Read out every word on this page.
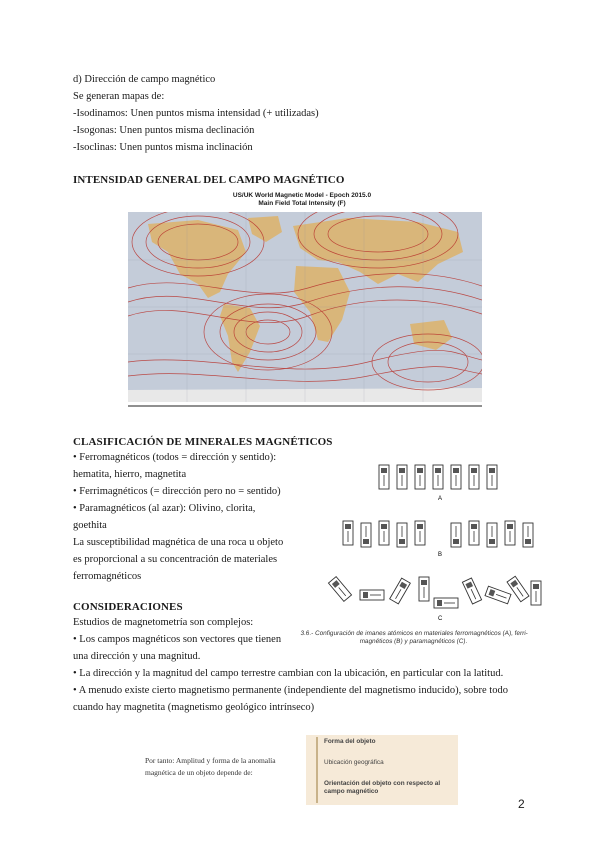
d) Dirección de campo magnético
Se generan mapas de:
-Isodinamos: Unen puntos misma intensidad (+ utilizadas)
-Isogonas: Unen puntos misma declinación
-Isoclinas: Unen puntos misma inclinación
INTENSIDAD GENERAL DEL CAMPO MAGNÉTICO
US/UK World Magnetic Model - Epoch 2015.0
Main Field Total Intensity (F)
CLASIFICACIÓN DE MINERALES MAGNÉTICOS
• Ferromagnéticos (todos = dirección y sentido):
hematita, hierro, magnetita
• Ferrimagnéticos (= dirección pero no = sentido)
• Paramagnéticos (al azar): Olivino, clorita,
goethita
La susceptibilidad magnética de una roca u objeto
es proporcional a su concentración de materiales
ferromagnéticos
A
B
C
3.6.- Configuración de imanes atómicos en materiales ferromagnéticos (A), ferri-
magnéticos (B) y paramagnéticos (C).
CONSIDERACIONES
Estudios de magnetometría son complejos:
• Los campos magnéticos son vectores que tienen
una dirección y una magnitud.
• La dirección y la magnitud del campo terrestre cambian con la ubicación, en particular con la latitud.
• A menudo existe cierto magnetismo permanente (independiente del magnetismo inducido), sobre todo
cuando hay magnetita (magnetismo geológico intrínseco)
Por tanto: Amplitud y forma de la anomalía
magnética de un objeto depende de:
Forma del objeto
Ubicación geográfica
Orientación del objeto con respecto al
campo magnético
2
